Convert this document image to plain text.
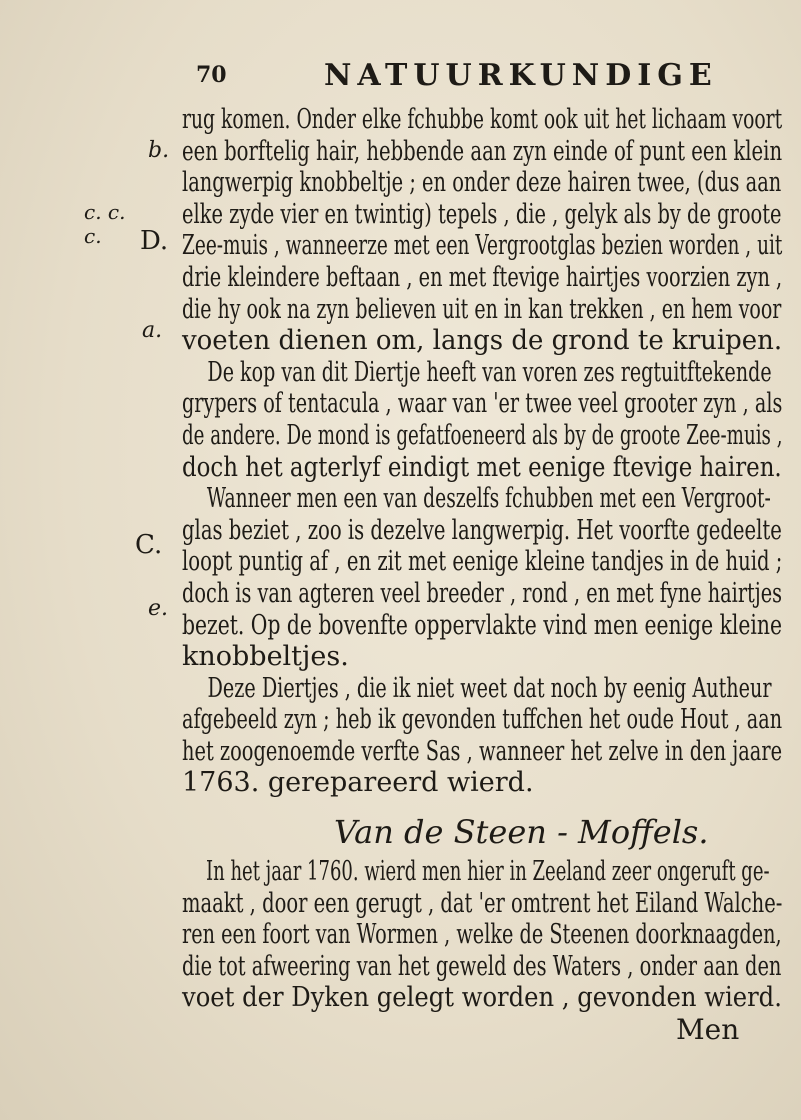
70	NATUURKUNDIGE
b.
c. c. c.	D.
a.
C.
e.
rug komen. Onder elke fchubbe komt ook uit het lichaam voort
een borftelig hair, hebbende aan zyn einde of punt een klein
langwerpig knobbeltje ; en onder deze hairen twee, (dus aan
elke zyde vier en twintig) tepels , die , gelyk als by de groote
Zee-muis , wanneerze met een Vergrootglas bezien worden , uit
drie kleindere beftaan , en met ftevige hairtjes voorzien zyn ,
die hy ook na zyn believen uit en in kan trekken , en hem voor
voeten dienen om, langs de grond te kruipen.
De kop van dit Diertje heeft van voren zes regtuitftekende
grypers of tentacula , waar van 'er twee veel grooter zyn , als
de andere. De mond is gefatfoeneerd als by de groote Zee-muis ,
doch het agterlyf eindigt met eenige ftevige hairen.
Wanneer men een van deszelfs fchubben met een Vergroot-
glas beziet , zoo is dezelve langwerpig. Het voorfte gedeelte
loopt puntig af , en zit met eenige kleine tandjes in de huid ;
doch is van agteren veel breeder , rond , en met fyne hairtjes
bezet. Op de bovenfte oppervlakte vind men eenige kleine
knobbeltjes.
Deze Diertjes , die ik niet weet dat noch by eenig Autheur
afgebeeld zyn ; heb ik gevonden tuffchen het oude Hout , aan
het zoogenoemde verfte Sas , wanneer het zelve in den jaare
1763. gerepareerd wierd.
Van de Steen - Moffels.
In het jaar 1760. wierd men hier in Zeeland zeer ongeruft ge-
maakt , door een gerugt , dat 'er omtrent het Eiland Walche-
ren een foort van Wormen , welke de Steenen doorknaagden,
die tot afweering van het geweld des Waters , onder aan den
voet der Dyken gelegt worden , gevonden wierd.
Men
